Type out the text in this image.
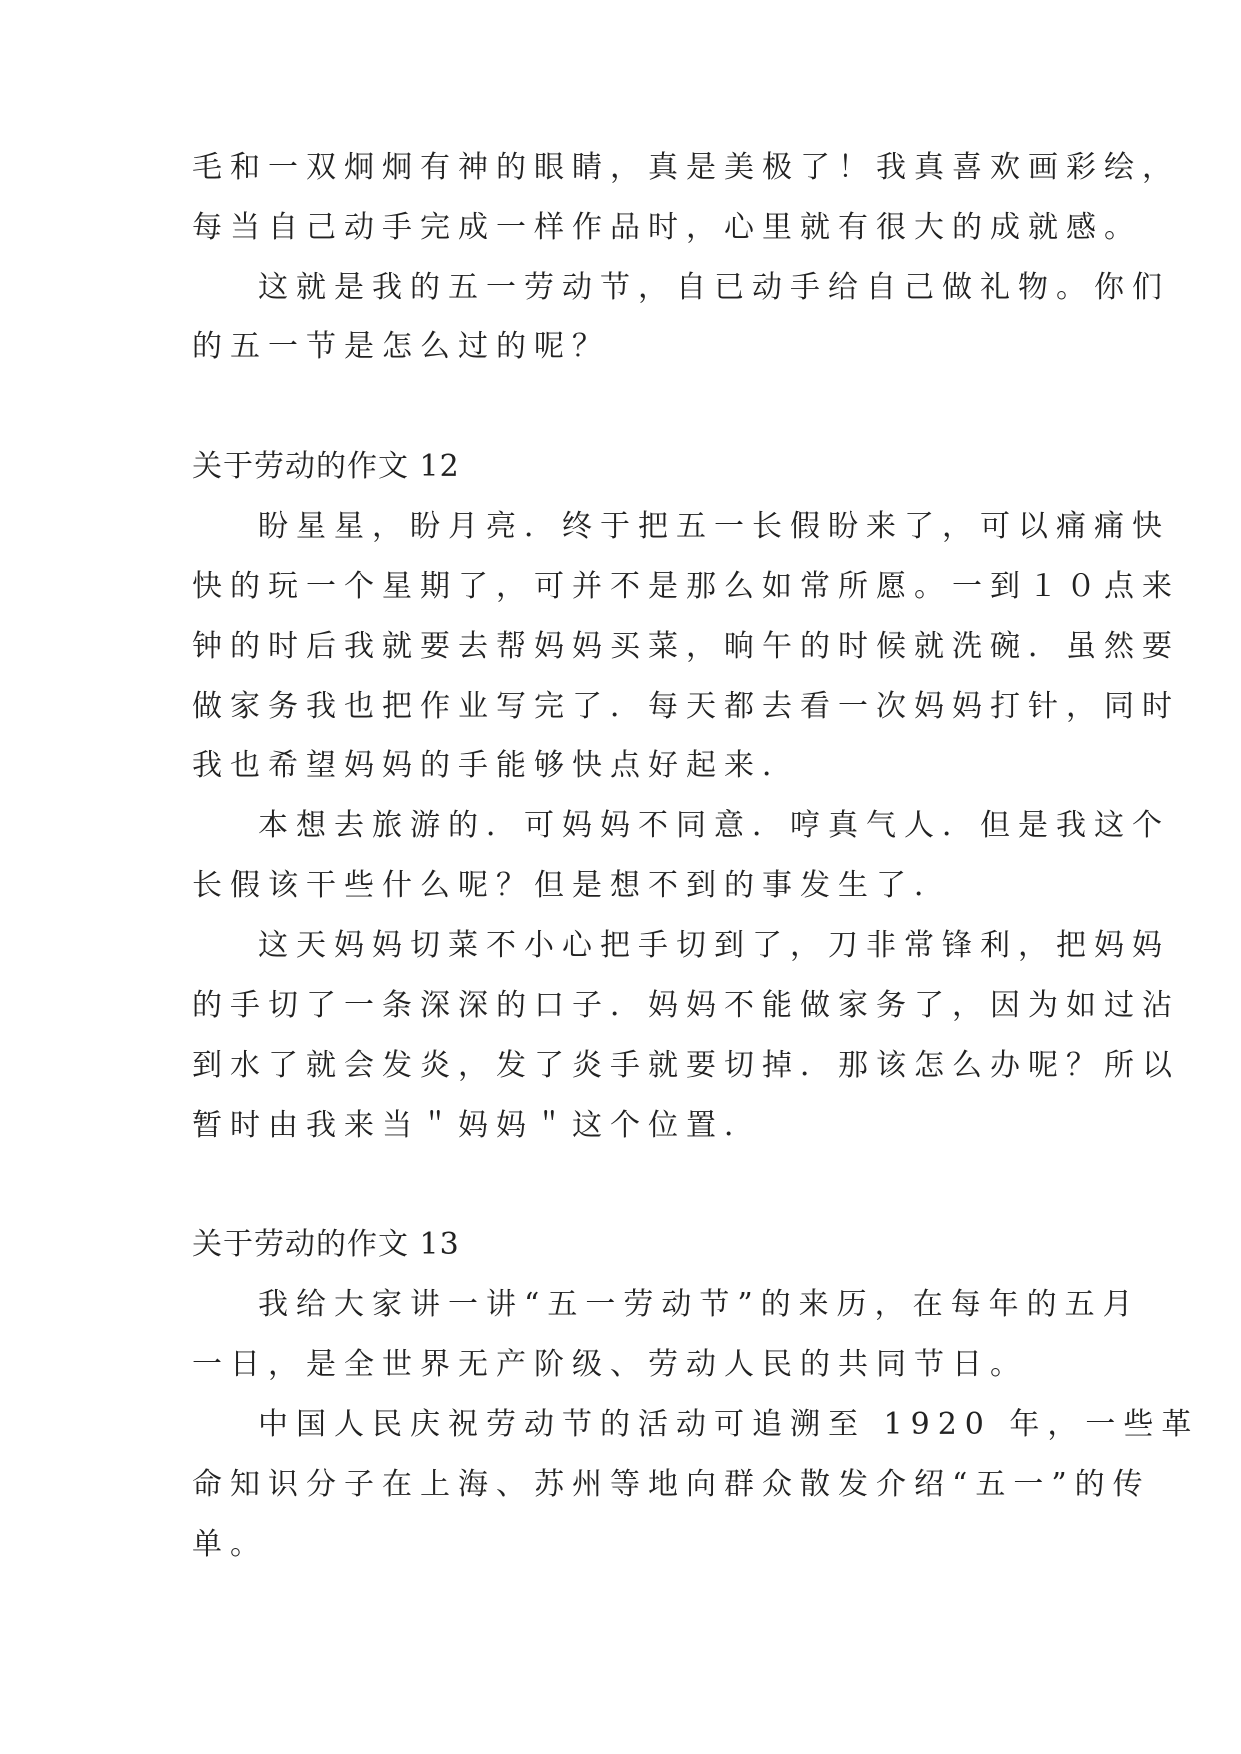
毛和一双炯炯有神的眼睛，真是美极了！我真喜欢画彩绘，
每当自己动手完成一样作品时，心里就有很大的成就感。
这就是我的五一劳动节，自已动手给自己做礼物。你们
的五一节是怎么过的呢？
关于劳动的作文 12
盼星星，盼月亮．终于把五一长假盼来了，可以痛痛快
快的玩一个星期了，可并不是那么如常所愿。一到１０点来
钟的时后我就要去帮妈妈买菜，晌午的时候就洗碗．虽然要
做家务我也把作业写完了．每天都去看一次妈妈打针，同时
我也希望妈妈的手能够快点好起来．
本想去旅游的．可妈妈不同意．哼真气人．但是我这个
长假该干些什么呢？但是想不到的事发生了．
这天妈妈切菜不小心把手切到了，刀非常锋利，把妈妈
的手切了一条深深的口子．妈妈不能做家务了，因为如过沾
到水了就会发炎，发了炎手就要切掉．那该怎么办呢？所以
暂时由我来当＂妈妈＂这个位置．
关于劳动的作文 13
我给大家讲一讲“五一劳动节”的来历，在每年的五月
一日，是全世界无产阶级、劳动人民的共同节日。
中国人民庆祝劳动节的活动可追溯至 1920 年，一些革
命知识分子在上海、苏州等地向群众散发介绍“五一”的传
单。
